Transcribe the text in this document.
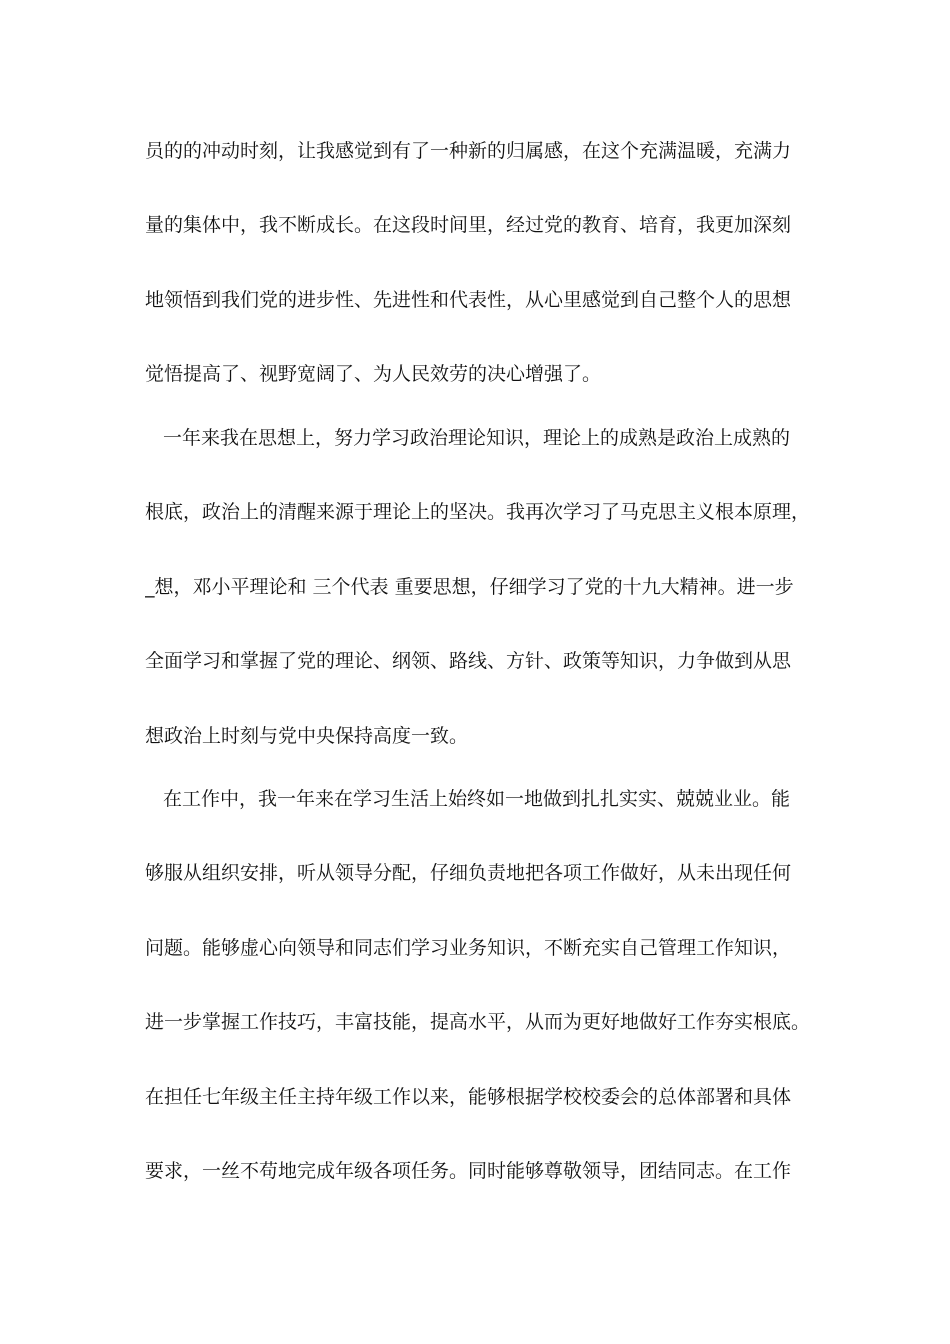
员的的冲动时刻，让我感觉到有了一种新的归属感，在这个充满温暖，充满力
量的集体中，我不断成长。在这段时间里，经过党的教育、培育，我更加深刻
地领悟到我们党的进步性、先进性和代表性，从心里感觉到自己整个人的思想
觉悟提高了、视野宽阔了、为人民效劳的决心增强了。
一年来我在思想上，努力学习政治理论知识，理论上的成熟是政治上成熟的
根底，政治上的清醒来源于理论上的坚决。我再次学习了马克思主义根本原理，
_想，邓小平理论和 三个代表 重要思想，仔细学习了党的十九大精神。进一步
全面学习和掌握了党的理论、纲领、路线、方针、政策等知识，力争做到从思
想政治上时刻与党中央保持高度一致。
在工作中，我一年来在学习生活上始终如一地做到扎扎实实、兢兢业业。能
够服从组织安排，听从领导分配，仔细负责地把各项工作做好，从未出现任何
问题。能够虚心向领导和同志们学习业务知识，不断充实自己管理工作知识，
进一步掌握工作技巧，丰富技能，提高水平，从而为更好地做好工作夯实根底。
在担任七年级主任主持年级工作以来，能够根据学校校委会的总体部署和具体
要求，一丝不苟地完成年级各项任务。同时能够尊敬领导，团结同志。在工作
